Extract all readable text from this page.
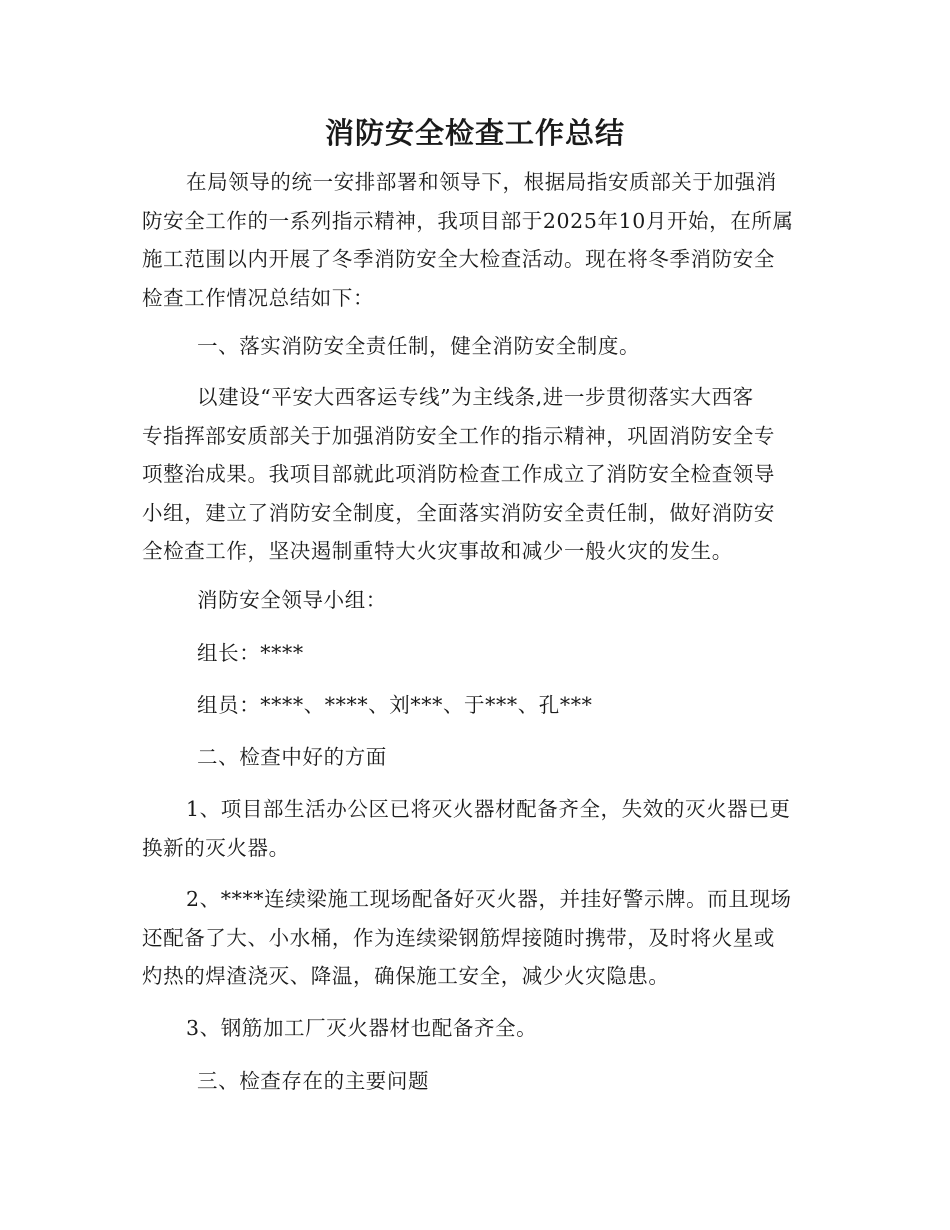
消防安全检查工作总结
在局领导的统一安排部署和领导下，根据局指安质部关于加强消
防安全工作的一系列指示精神，我项目部于2025年10月开始，在所属
施工范围以内开展了冬季消防安全大检查活动。现在将冬季消防安全
检查工作情况总结如下：
一、落实消防安全责任制，健全消防安全制度。
以建设“平安大西客运专线”为主线条,进一步贯彻落实大西客
专指挥部安质部关于加强消防安全工作的指示精神，巩固消防安全专
项整治成果。我项目部就此项消防检查工作成立了消防安全检查领导
小组，建立了消防安全制度，全面落实消防安全责任制，做好消防安
全检查工作，坚决遏制重特大火灾事故和减少一般火灾的发生。
消防安全领导小组：
组长：****
组员：****、****、刘***、于***、孔***
二、检查中好的方面
1、项目部生活办公区已将灭火器材配备齐全，失效的灭火器已更
换新的灭火器。
2、****连续梁施工现场配备好灭火器，并挂好警示牌。而且现场
还配备了大、小水桶，作为连续梁钢筋焊接随时携带，及时将火星或
灼热的焊渣浇灭、降温，确保施工安全，减少火灾隐患。
3、钢筋加工厂灭火器材也配备齐全。
三、检查存在的主要问题
